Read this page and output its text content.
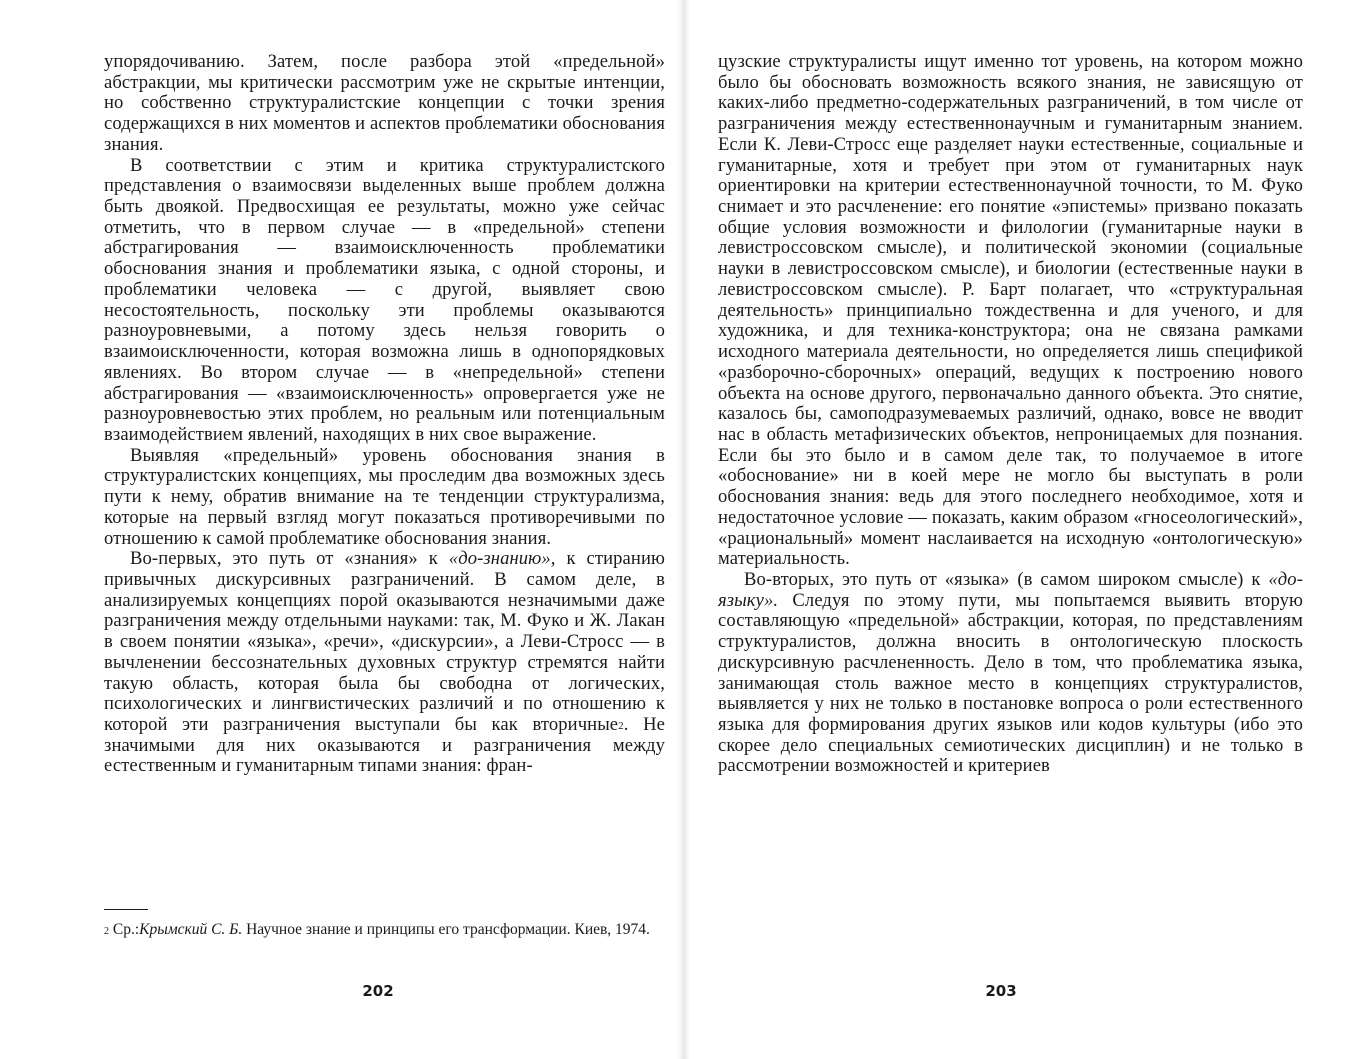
упорядочиванию. Затем, после разбора этой «предельной» абстракции, мы критически рассмотрим уже не скрытые интенции, но собственно структуралистские концепции с точки зрения содержащихся в них моментов и аспектов проблематики обоснования знания.

В соответствии с этим и критика структуралистского представления о взаимосвязи выделенных выше проблем должна быть двоякой. Предвосхищая ее результаты, можно уже сейчас отметить, что в первом случае — в «предельной» степени абстрагирования — взаимоисключенность проблематики обоснования знания и проблематики языка, с одной стороны, и проблематики человека — с другой, выявляет свою несостоятельность, поскольку эти проблемы оказываются разноуровневыми, а потому здесь нельзя говорить о взаимоисключенности, которая возможна лишь в однопорядковых явлениях. Во втором случае — в «непредельной» степени абстрагирования — «взаимоисключенность» опровергается уже не разноуровневостью этих проблем, но реальным или потенциальным взаимодействием явлений, находящих в них свое выражение.

Выявляя «предельный» уровень обоснования знания в структуралистских концепциях, мы проследим два возможных здесь пути к нему, обратив внимание на те тенденции структурализма, которые на первый взгляд могут показаться противоречивыми по отношению к самой проблематике обоснования знания.

Во-первых, это путь от «знания» к «до-знанию», к стиранию привычных дискурсивных разграничений. В самом деле, в анализируемых концепциях порой оказываются незначимыми даже разграничения между отдельными науками: так, М. Фуко и Ж. Лакан в своем понятии «языка», «речи», «дискурсии», а Леви-Стросс — в вычленении бессознательных духовных структур стремятся найти такую область, которая была бы свободна от логических, психологических и лингвистических различий и по отношению к которой эти разграничения выступали бы как вторичные$^2$. Не значимыми для них оказываются и разграничения между естественным и гуманитарным типами знания: фран-

$^2$ Ср.:Крымский С. Б. Научное знание и принципы его трансформации. Киев, 1974.
202

цузские структуралисты ищут именно тот уровень, на котором можно было бы обосновать возможность всякого знания, не зависящую от каких-либо предметно-содержательных разграничений, в том числе от разграничения между естественнонаучным и гуманитарным знанием. Если К. Леви-Стросс еще разделяет науки естественные, социальные и гуманитарные, хотя и требует при этом от гуманитарных наук ориентировки на критерии естественнонаучной точности, то М. Фуко снимает и это расчленение: его понятие «эпистемы» призвано показать общие условия возможности и филологии (гуманитарные науки в левистроссовском смысле), и политической экономии (социальные науки в левистроссовском смысле), и биологии (естественные науки в левистроссовском смысле). Р. Барт полагает, что «структуральная деятельность» принципиально тождественна и для ученого, и для художника, и для техника-конструктора; она не связана рамками исходного материала деятельности, но определяется лишь спецификой «разборочно-сборочных» операций, ведущих к построению нового объекта на основе другого, первоначально данного объекта. Это снятие, казалось бы, самоподразумеваемых различий, однако, вовсе не вводит нас в область метафизических объектов, непроницаемых для познания. Если бы это было и в самом деле так, то получаемое в итоге «обоснование» ни в коей мере не могло бы выступать в роли обоснования знания: ведь для этого последнего необходимое, хотя и недостаточное условие — показать, каким образом «гносеологический», «рациональный» момент наслаивается на исходную «онтологическую» материальность.

Во-вторых, это путь от «языка» (в самом широком смысле) к «до-языку». Следуя по этому пути, мы попытаемся выявить вторую составляющую «предельной» абстракции, которая, по представлениям структуралистов, должна вносить в онтологическую плоскость дискурсивную расчлененность. Дело в том, что проблематика языка, занимающая столь важное место в концепциях структуралистов, выявляется у них не только в постановке вопроса о роли естественного языка для формирования других языков или кодов культуры (ибо это скорее дело специальных семиотических дисциплин) и не только в рассмотрении возможностей и критериев

203
